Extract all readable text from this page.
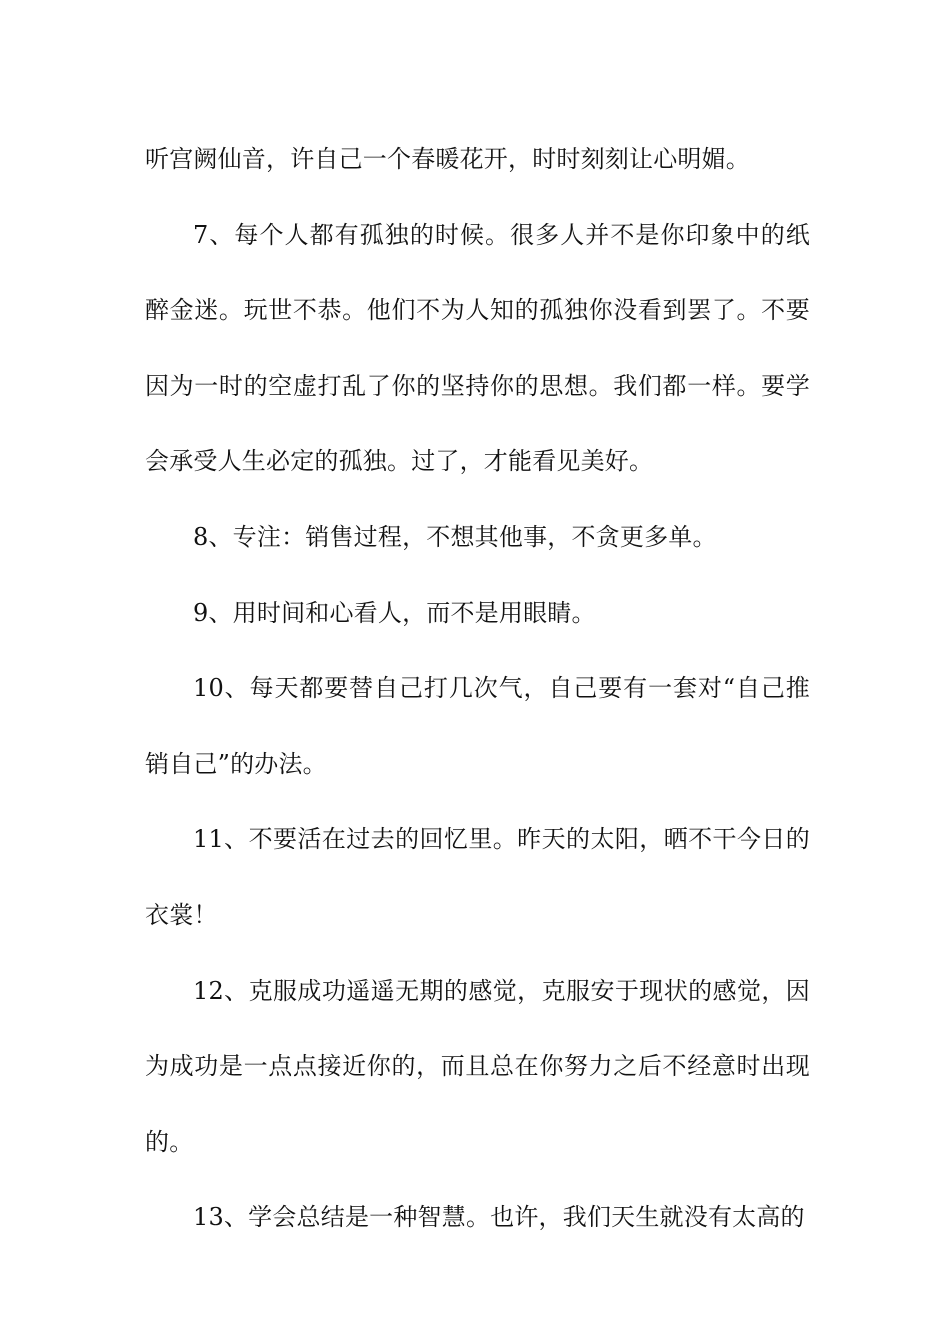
听宫阙仙音，许自己一个春暖花开，时时刻刻让心明媚。

7、每个人都有孤独的时候。很多人并不是你印象中的纸醉金迷。玩世不恭。他们不为人知的孤独你没看到罢了。不要因为一时的空虚打乱了你的坚持你的思想。我们都一样。要学会承受人生必定的孤独。过了，才能看见美好。

8、专注：销售过程，不想其他事，不贪更多单。

9、用时间和心看人，而不是用眼睛。

10、每天都要替自己打几次气，自己要有一套对“自己推销自己”的办法。

11、不要活在过去的回忆里。昨天的太阳，晒不干今日的衣裳！

12、克服成功遥遥无期的感觉，克服安于现状的感觉，因为成功是一点点接近你的，而且总在你努力之后不经意时出现的。

13、学会总结是一种智慧。也许，我们天生就没有太高的
